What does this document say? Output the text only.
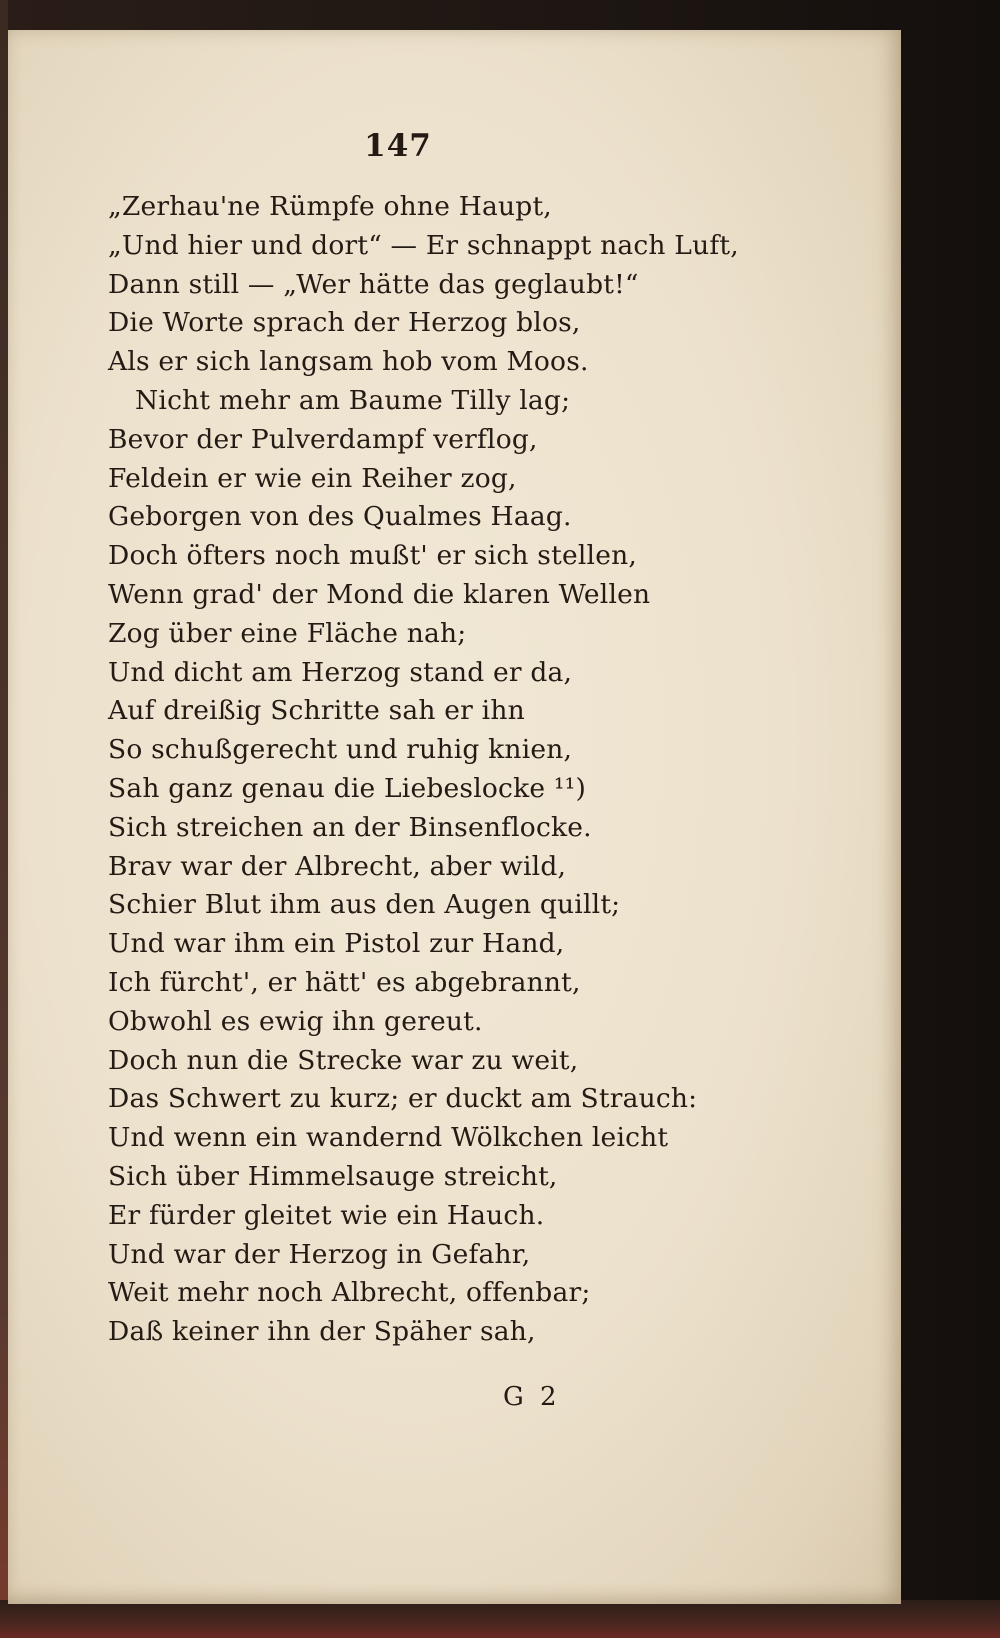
147
„Zerhau'ne Rümpfe ohne Haupt,
„Und hier und dort“ — Er schnappt nach Luft,
Dann still — „Wer hätte das geglaubt!“
Die Worte sprach der Herzog blos,
Als er sich langsam hob vom Moos.
Nicht mehr am Baume Tilly lag;
Bevor der Pulverdampf verflog,
Feldein er wie ein Reiher zog,
Geborgen von des Qualmes Haag.
Doch öfters noch mußt' er sich stellen,
Wenn grad' der Mond die klaren Wellen
Zog über eine Fläche nah;
Und dicht am Herzog stand er da,
Auf dreißig Schritte sah er ihn
So schußgerecht und ruhig knien,
Sah ganz genau die Liebeslocke ¹¹)
Sich streichen an der Binsenflocke.
Brav war der Albrecht, aber wild,
Schier Blut ihm aus den Augen quillt;
Und war ihm ein Pistol zur Hand,
Ich fürcht', er hätt' es abgebrannt,
Obwohl es ewig ihn gereut.
Doch nun die Strecke war zu weit,
Das Schwert zu kurz; er duckt am Strauch:
Und wenn ein wandernd Wölkchen leicht
Sich über Himmelsauge streicht,
Er fürder gleitet wie ein Hauch.
Und war der Herzog in Gefahr,
Weit mehr noch Albrecht, offenbar;
Daß keiner ihn der Späher sah,
G 2
